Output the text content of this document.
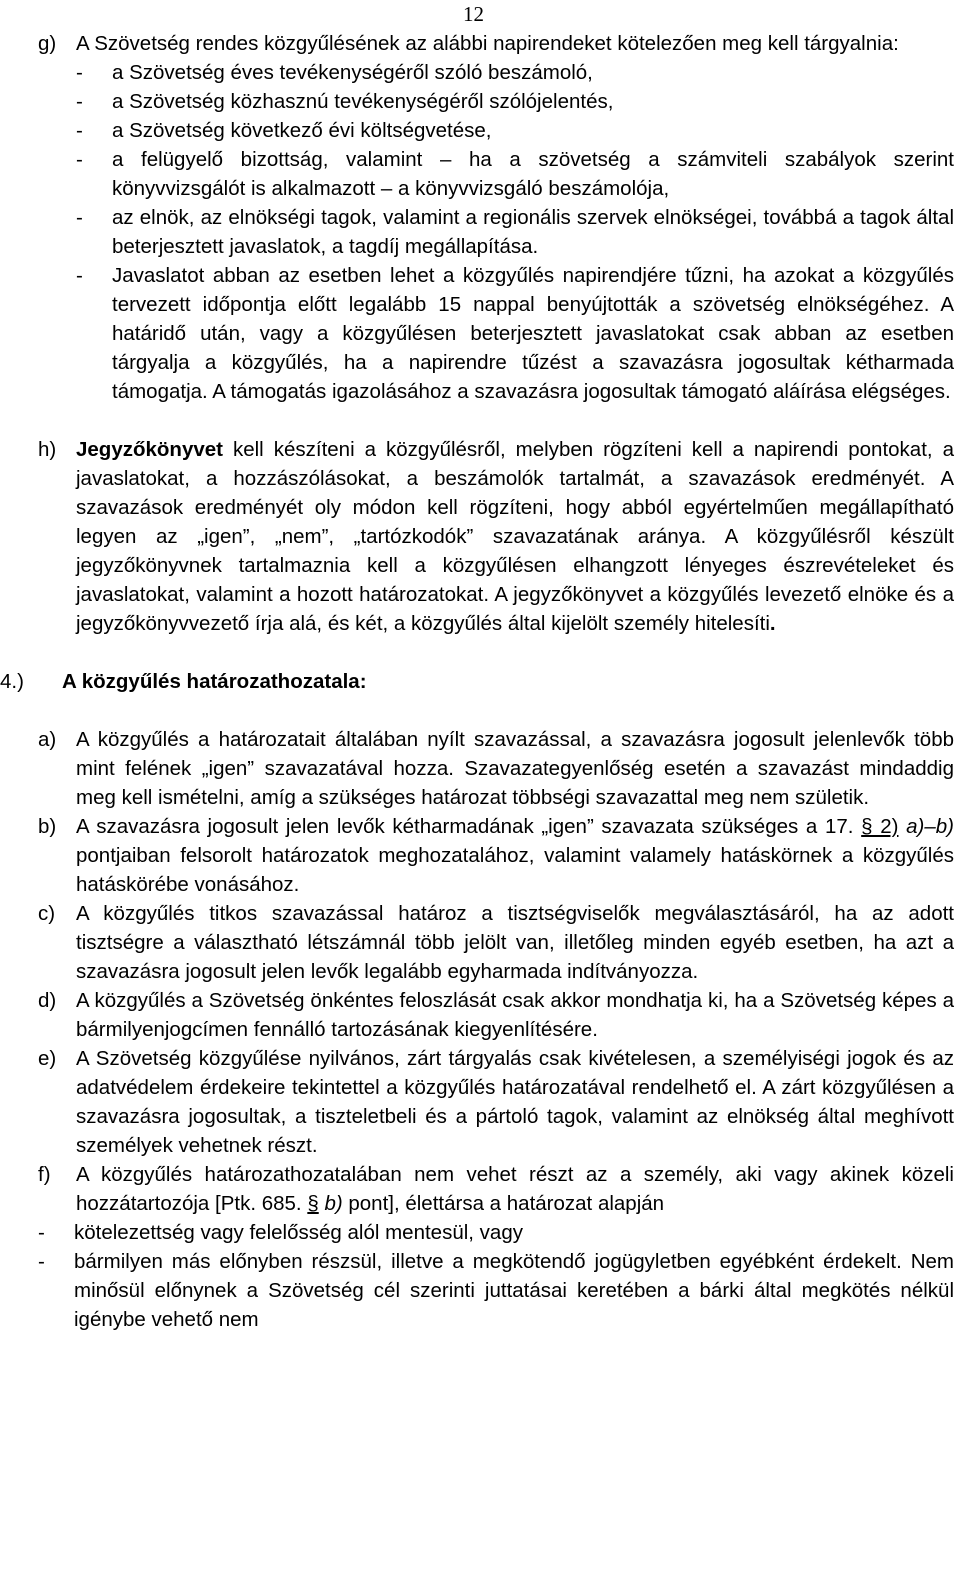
12
g) A Szövetség rendes közgyűlésének az alábbi napirendeket kötelezően meg kell tárgyalnia:
-	a Szövetség éves tevékenységéről szóló beszámoló,
-	a Szövetség közhasznú tevékenységéről szólójelentés,
-	a Szövetség következő évi költségvetése,
-	a felügyelő bizottság, valamint – ha a szövetség a számviteli szabályok szerint könyvvizsgálót is alkalmazott – a könyvvizsgáló beszámolója,
-	az elnök, az elnökségi tagok, valamint a regionális szervek elnökségei, továbbá a tagok által beterjesztett javaslatok, a tagdíj megállapítása.
-	Javaslatot abban az esetben lehet a közgyűlés napirendjére tűzni, ha azokat a közgyűlés tervezett időpontja előtt legalább 15 nappal benyújtották a szövetség elnökségéhez. A határidő után, vagy a közgyűlésen beterjesztett javaslatokat csak abban az esetben tárgyalja a közgyűlés, ha a napirendre tűzést a szavazásra jogosultak kétharmada támogatja. A támogatás igazolásához a szavazásra jogosultak támogató aláírása elégséges.
h) Jegyzőkönyvet kell készíteni a közgyűlésről, melyben rögzíteni kell a napirendi pontokat, a javaslatokat, a hozzászólásokat, a beszámolók tartalmát, a szavazások eredményét. A szavazások eredményét oly módon kell rögzíteni, hogy abból egyértelműen megállapítható legyen az „igen”, „nem”, „tartózkodók” szavazatának aránya. A közgyűlésről készült jegyzőkönyvnek tartalmaznia kell a közgyűlésen elhangzott lényeges észrevételeket és javaslatokat, valamint a hozott határozatokat. A jegyzőkönyvet a közgyűlés levezető elnöke és a jegyzőkönyvvezető írja alá, és két, a közgyűlés által kijelölt személy hitelesíti.
4.)	A közgyűlés határozathozatala:
a) A közgyűlés a határozatait általában nyílt szavazással, a szavazásra jogosult jelenlevők több mint felének „igen” szavazatával hozza. Szavazategyenlőség esetén a szavazást mindaddig meg kell ismételni, amíg a szükséges határozat többségi szavazattal meg nem születik.
b) A szavazásra jogosult jelen levők kétharmadának „igen” szavazata szükséges a 17. § 2) a)–b) pontjaiban felsorolt határozatok meghozatalához, valamint valamely hatáskörnek a közgyűlés hatáskörébe vonásához.
c)	A közgyűlés titkos szavazással határoz a tisztségviselők megválasztásáról, ha az adott tisztségre a választható létszámnál több jelölt van, illetőleg minden egyéb esetben, ha azt a szavazásra jogosult jelen levők legalább egyharmada indítványozza.
d) A közgyűlés a Szövetség önkéntes feloszlását csak akkor mondhatja ki, ha a Szövetség képes a bármilyenjogcímen fennálló tartozásának kiegyenlítésére.
e) A Szövetség közgyűlése nyilvános, zárt tárgyalás csak kivételesen, a személyiségi jogok és az adatvédelem érdekeire tekintettel a közgyűlés határozatával rendelhető el. A zárt közgyűlésen a szavazásra jogosultak, a tiszteletbeli és a pártoló tagok, valamint az elnökség által meghívott személyek vehetnek részt.
f)	A közgyűlés határozathozatalában nem vehet részt az a személy, aki vagy akinek közeli hozzátartozója [Ptk. 685. § b) pont], élettársa a határozat alapján
-	kötelezettség vagy felelősség alól mentesül, vagy
-	bármilyen más előnyben részsül, illetve a megkötendő jogügyletben egyébként érdekelt. Nem minősül előnynek a Szövetség cél szerinti juttatásai keretében a bárki által megkötés nélkül igénybe vehető nem
